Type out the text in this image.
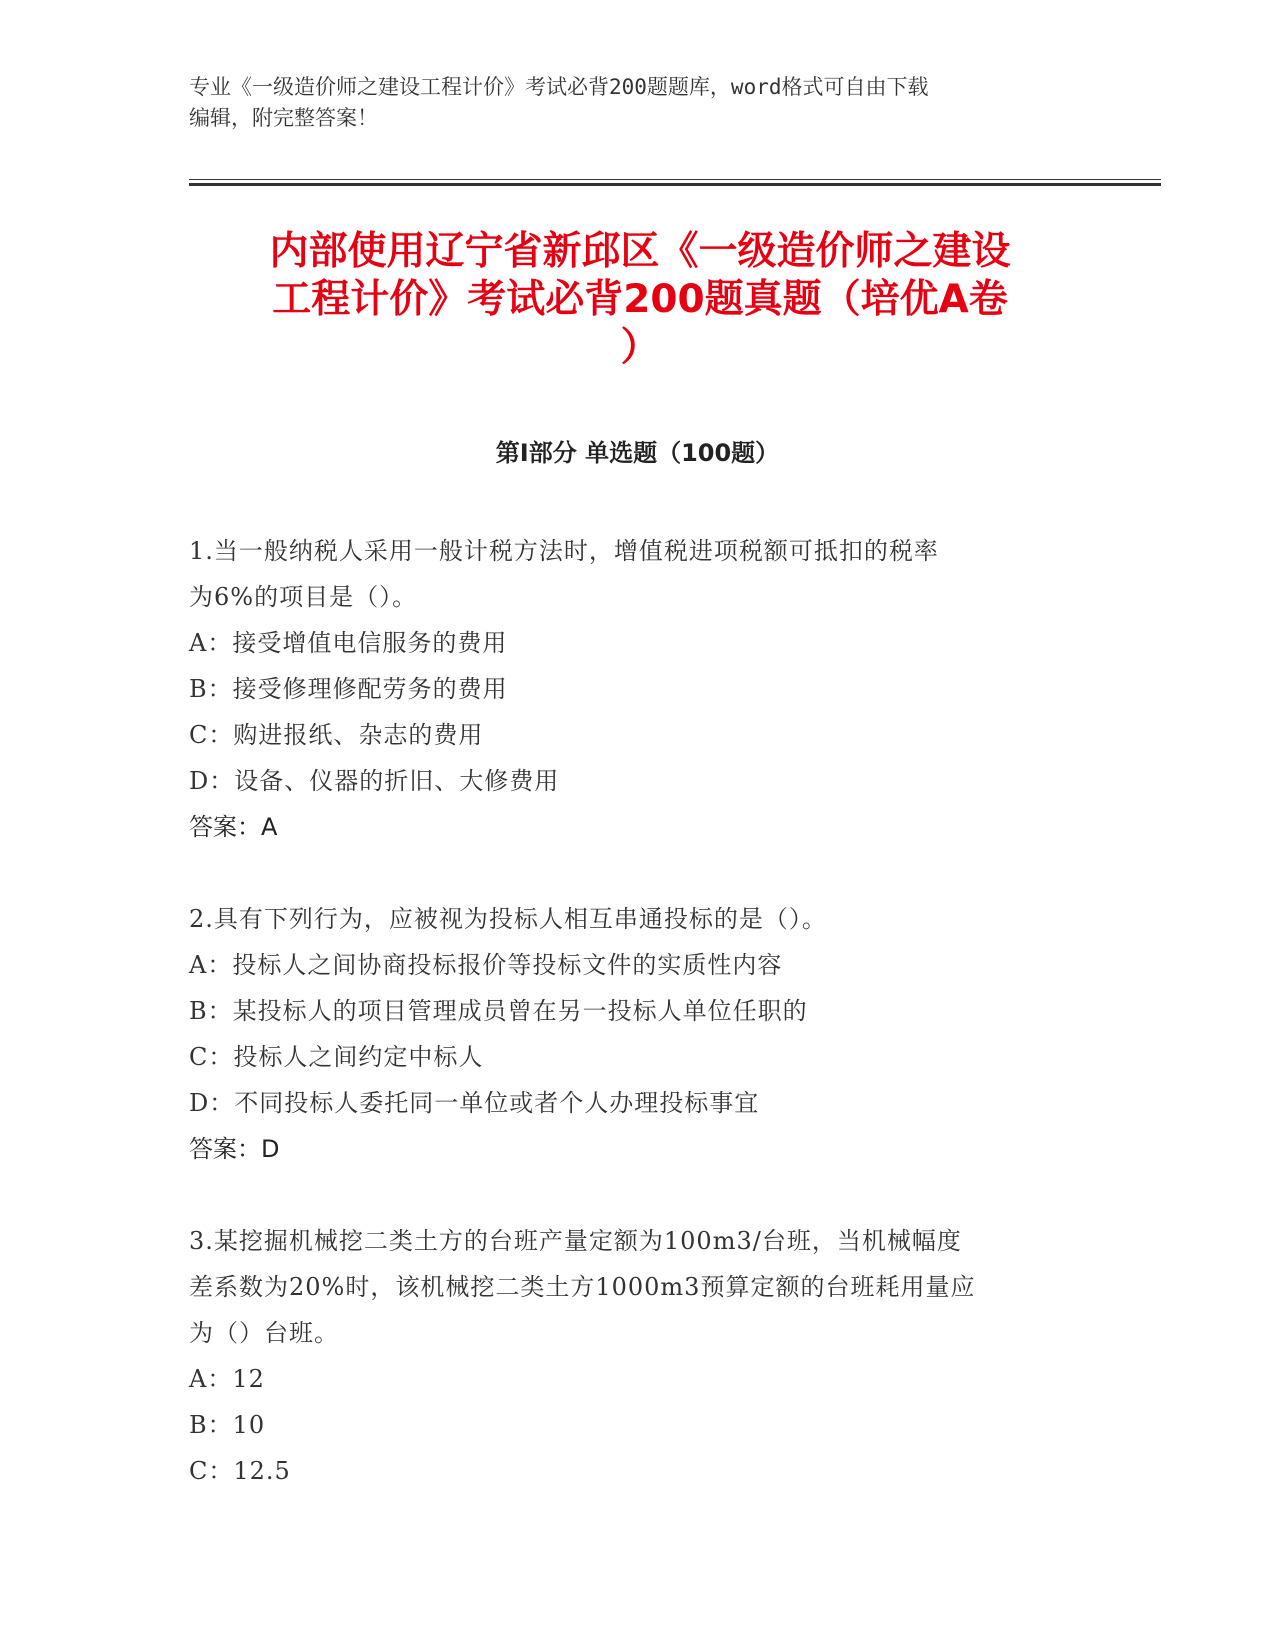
专业《一级造价师之建设工程计价》考试必背200题题库，word格式可自由下载
编辑，附完整答案！
内部使用辽宁省新邱区《一级造价师之建设
工程计价》考试必背200题真题（培优A卷
）
第I部分 单选题（100题）
1.当一般纳税人采用一般计税方法时，增值税进项税额可抵扣的税率
为6%的项目是（）。
A：接受增值电信服务的费用
B：接受修理修配劳务的费用
C：购进报纸、杂志的费用
D：设备、仪器的折旧、大修费用
答案：A
2.具有下列行为，应被视为投标人相互串通投标的是（）。
A：投标人之间协商投标报价等投标文件的实质性内容
B：某投标人的项目管理成员曾在另一投标人单位任职的
C：投标人之间约定中标人
D：不同投标人委托同一单位或者个人办理投标事宜
答案：D
3.某挖掘机械挖二类土方的台班产量定额为100m3/台班，当机械幅度
差系数为20%时，该机械挖二类土方1000m3预算定额的台班耗用量应
为（）台班。
A：12
B：10
C：12.5
